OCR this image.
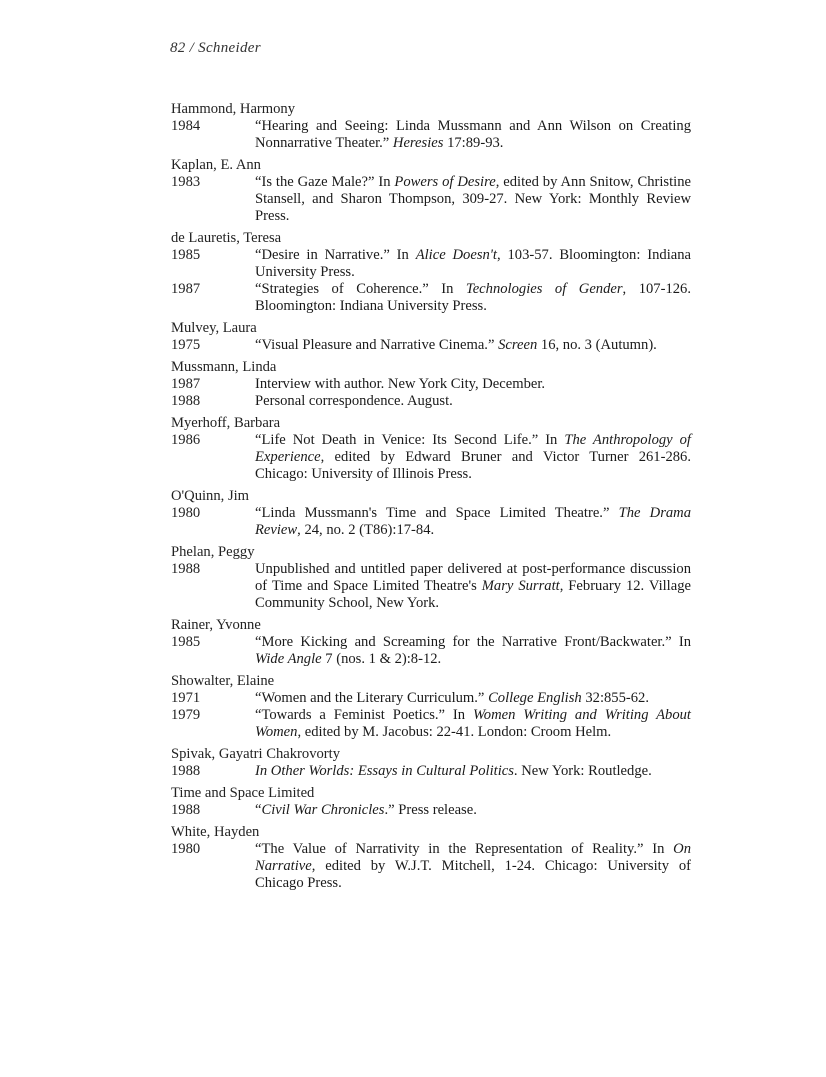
82 / Schneider
Hammond, Harmony
1984	“Hearing and Seeing: Linda Mussmann and Ann Wilson on Creating Nonnarrative Theater.” Heresies 17:89-93.
Kaplan, E. Ann
1983	“Is the Gaze Male?” In Powers of Desire, edited by Ann Snitow, Christine Stansell, and Sharon Thompson, 309-27. New York: Monthly Review Press.
de Lauretis, Teresa
1985	“Desire in Narrative.” In Alice Doesn't, 103-57. Bloomington: Indiana University Press.
1987	“Strategies of Coherence.” In Technologies of Gender, 107-126. Bloomington: Indiana University Press.
Mulvey, Laura
1975	“Visual Pleasure and Narrative Cinema.” Screen 16, no. 3 (Autumn).
Mussmann, Linda
1987	Interview with author. New York City, December.
1988	Personal correspondence. August.
Myerhoff, Barbara
1986	“Life Not Death in Venice: Its Second Life.” In The Anthropology of Experience, edited by Edward Bruner and Victor Turner 261-286. Chicago: University of Illinois Press.
O'Quinn, Jim
1980	“Linda Mussmann's Time and Space Limited Theatre.” The Drama Review, 24, no. 2 (T86):17-84.
Phelan, Peggy
1988	Unpublished and untitled paper delivered at post-performance discussion of Time and Space Limited Theatre's Mary Surratt, February 12. Village Community School, New York.
Rainer, Yvonne
1985	“More Kicking and Screaming for the Narrative Front/Backwater.” In Wide Angle 7 (nos. 1 & 2):8-12.
Showalter, Elaine
1971	“Women and the Literary Curriculum.” College English 32:855-62.
1979	“Towards a Feminist Poetics.” In Women Writing and Writing About Women, edited by M. Jacobus: 22-41. London: Croom Helm.
Spivak, Gayatri Chakrovorty
1988	In Other Worlds: Essays in Cultural Politics. New York: Routledge.
Time and Space Limited
1988	“Civil War Chronicles.” Press release.
White, Hayden
1980	“The Value of Narrativity in the Representation of Reality.” In On Narrative, edited by W.J.T. Mitchell, 1-24. Chicago: University of Chicago Press.
